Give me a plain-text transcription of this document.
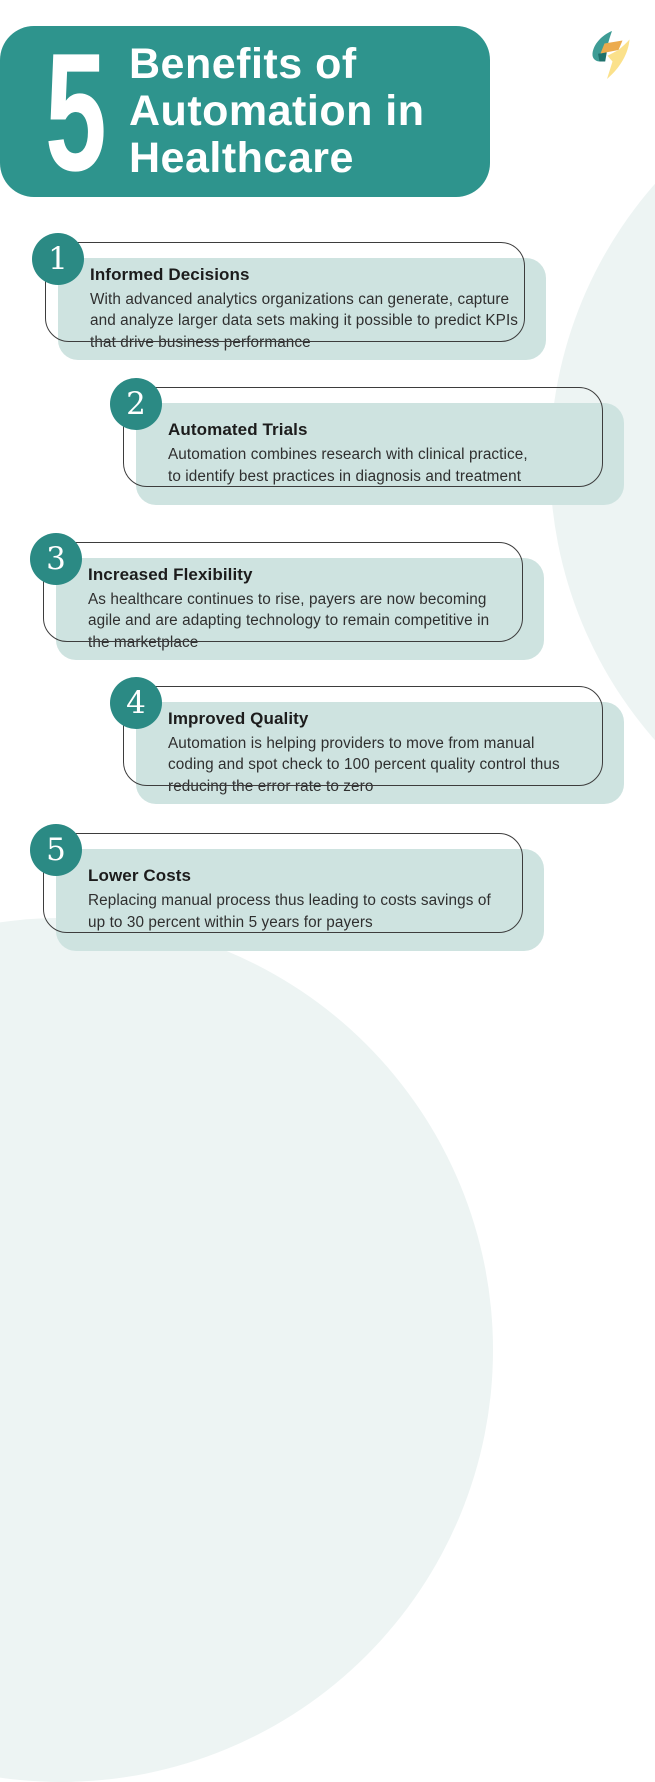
5 Benefits of
Automation in
Healthcare
Informed Decisions
With advanced analytics organizations can generate, capture
and analyze larger data sets making it possible to predict KPIs
that drive business performance
1
Automated Trials
Automation combines research with clinical practice,
to identify best practices in diagnosis and treatment
2
Increased Flexibility
As healthcare continues to rise, payers are now becoming
agile and are adapting technology to remain competitive in
the marketplace
3
Improved Quality
Automation is helping providers to move from manual
coding and spot check to 100 percent quality control thus
reducing the error rate to zero
4
Lower Costs
Replacing manual process thus leading to costs savings of
up to 30 percent within 5 years for payers
5
